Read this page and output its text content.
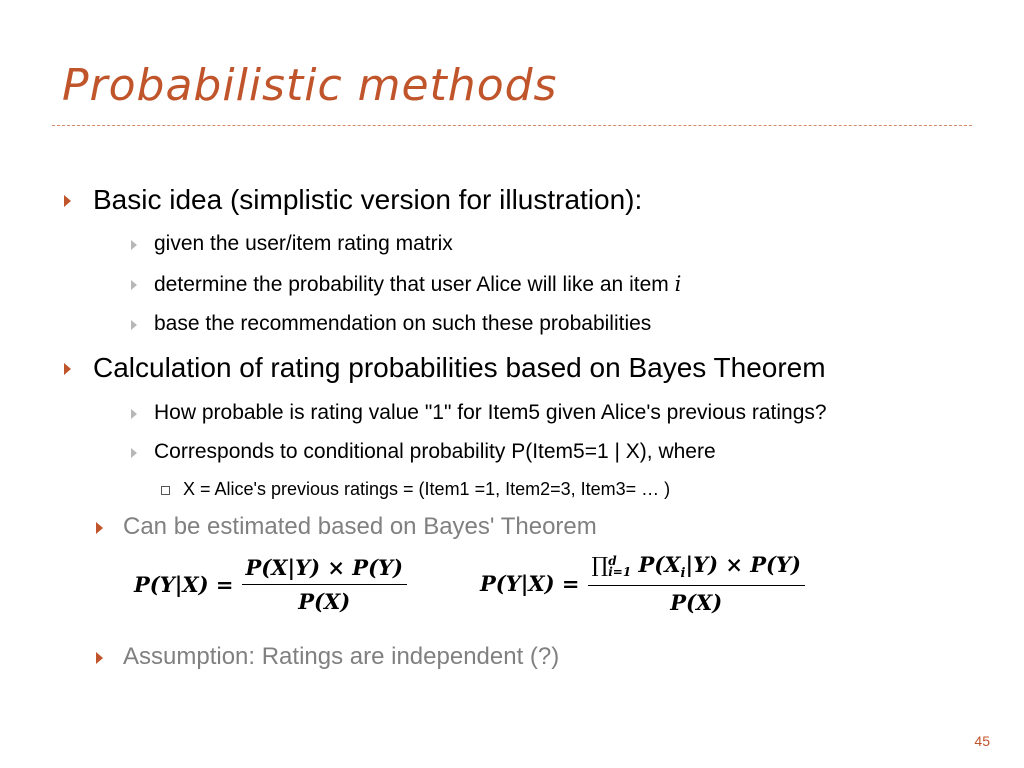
Probabilistic methods
Basic idea (simplistic version for illustration):
given the user/item rating matrix
determine the probability that user Alice will like an item i
base the recommendation on such these probabilities
Calculation of rating probabilities based on Bayes Theorem
How probable is rating value "1" for Item5 given Alice's previous ratings?
Corresponds to conditional probability P(Item5=1 | X), where
X = Alice's previous ratings = (Item1 =1, Item2=3, Item3= … )
Can be estimated based on Bayes' Theorem
$P(Y|X) = \frac{P(X|Y) \times P(Y)}{P(X)}$	P(Y|X) = ∏ d
i=1 $P(X_i|Y) \times P(Y)$
P(X)
Assumption: Ratings are independent (?)
45
